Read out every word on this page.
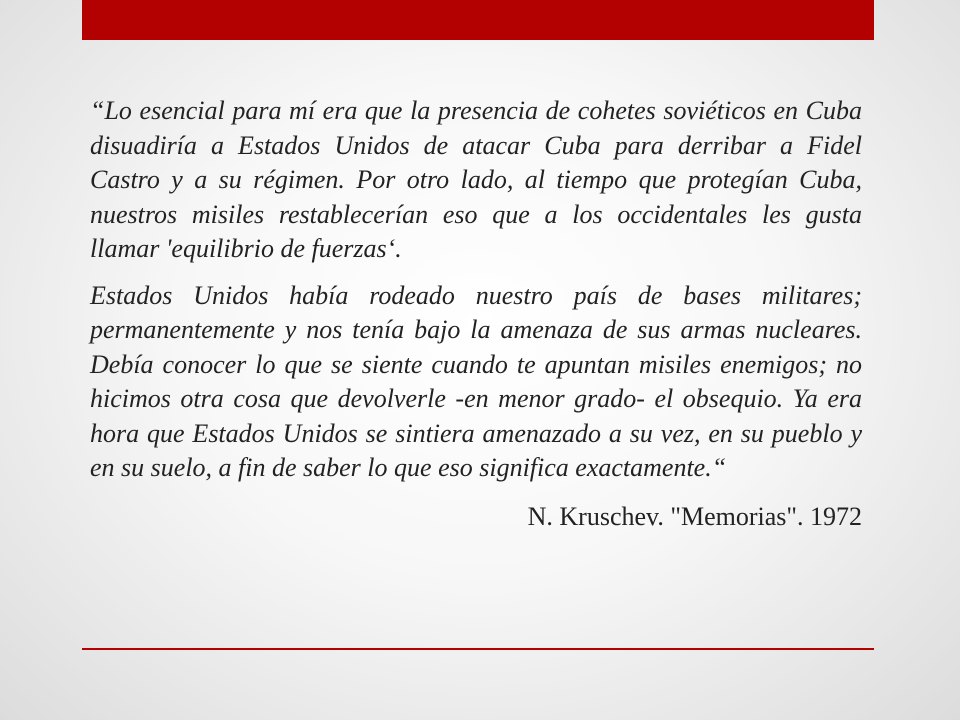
“Lo esencial para mí era que la presencia de cohetes soviéticos en Cuba disuadiría a Estados Unidos de atacar Cuba para derribar a Fidel Castro y a su régimen. Por otro lado, al tiempo que protegían Cuba, nuestros misiles restablecerían eso que a los occidentales les gusta llamar 'equilibrio de fuerzas‘.

Estados Unidos había rodeado nuestro país de bases militares; permanentemente y nos tenía bajo la amenaza de sus armas nucleares. Debía conocer lo que se siente cuando te apuntan misiles enemigos; no hicimos otra cosa que devolverle -en menor grado- el obsequio. Ya era hora que Estados Unidos se sintiera amenazado a su vez, en su pueblo y en su suelo, a fin de saber lo que eso significa exactamente.“

N. Kruschev. "Memorias". 1972
